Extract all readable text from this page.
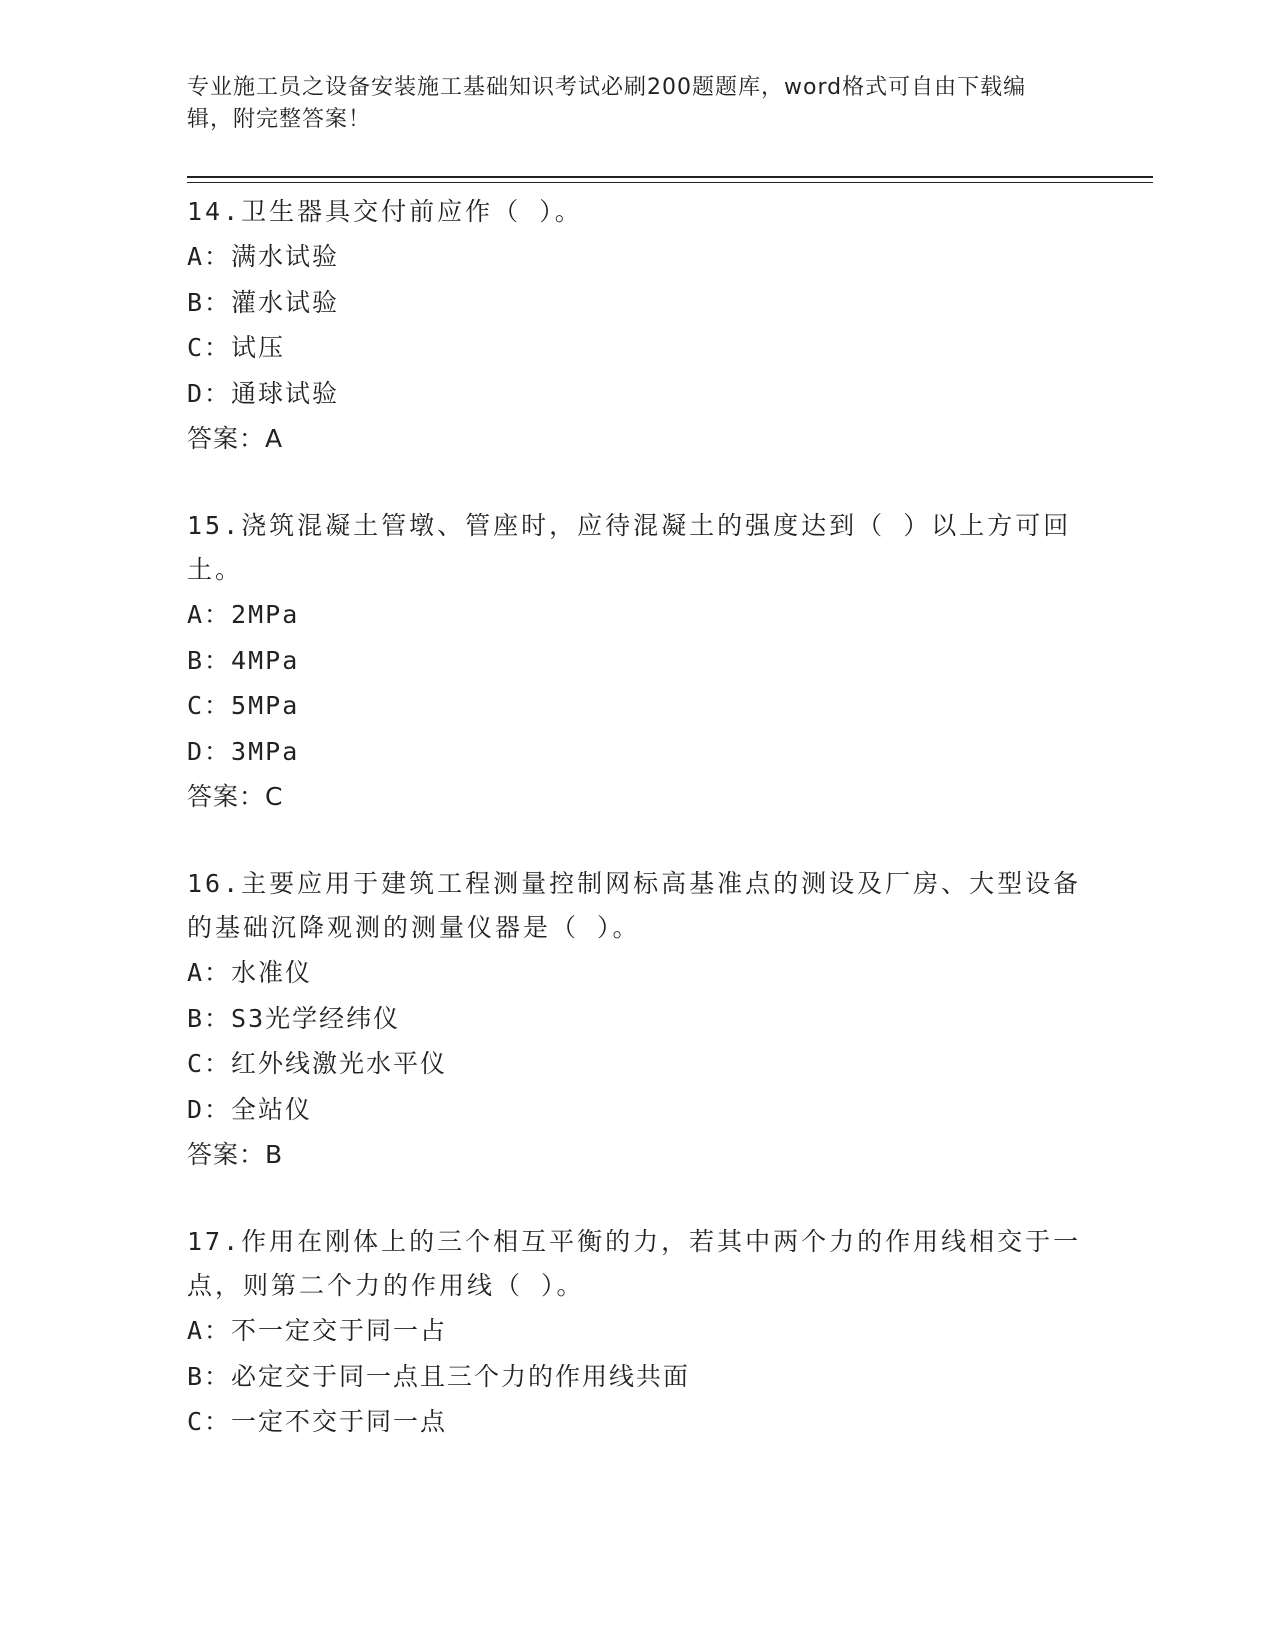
专业施工员之设备安装施工基础知识考试必刷200题题库，word格式可自由下载编辑，附完整答案！
14.卫生器具交付前应作（ ）。
A：满水试验
B：灌水试验
C：试压
D：通球试验
答案：A
15.浇筑混凝土管墩、管座时，应待混凝土的强度达到（ ）以上方可回土。
A：2MPa
B：4MPa
C：5MPa
D：3MPa
答案：C
16.主要应用于建筑工程测量控制网标高基准点的测设及厂房、大型设备的基础沉降观测的测量仪器是（ ）。
A：水准仪
B：S3光学经纬仪
C：红外线激光水平仪
D：全站仪
答案：B
17.作用在刚体上的三个相互平衡的力，若其中两个力的作用线相交于一点，则第二个力的作用线（ ）。
A：不一定交于同一占
B：必定交于同一点且三个力的作用线共面
C：一定不交于同一点
